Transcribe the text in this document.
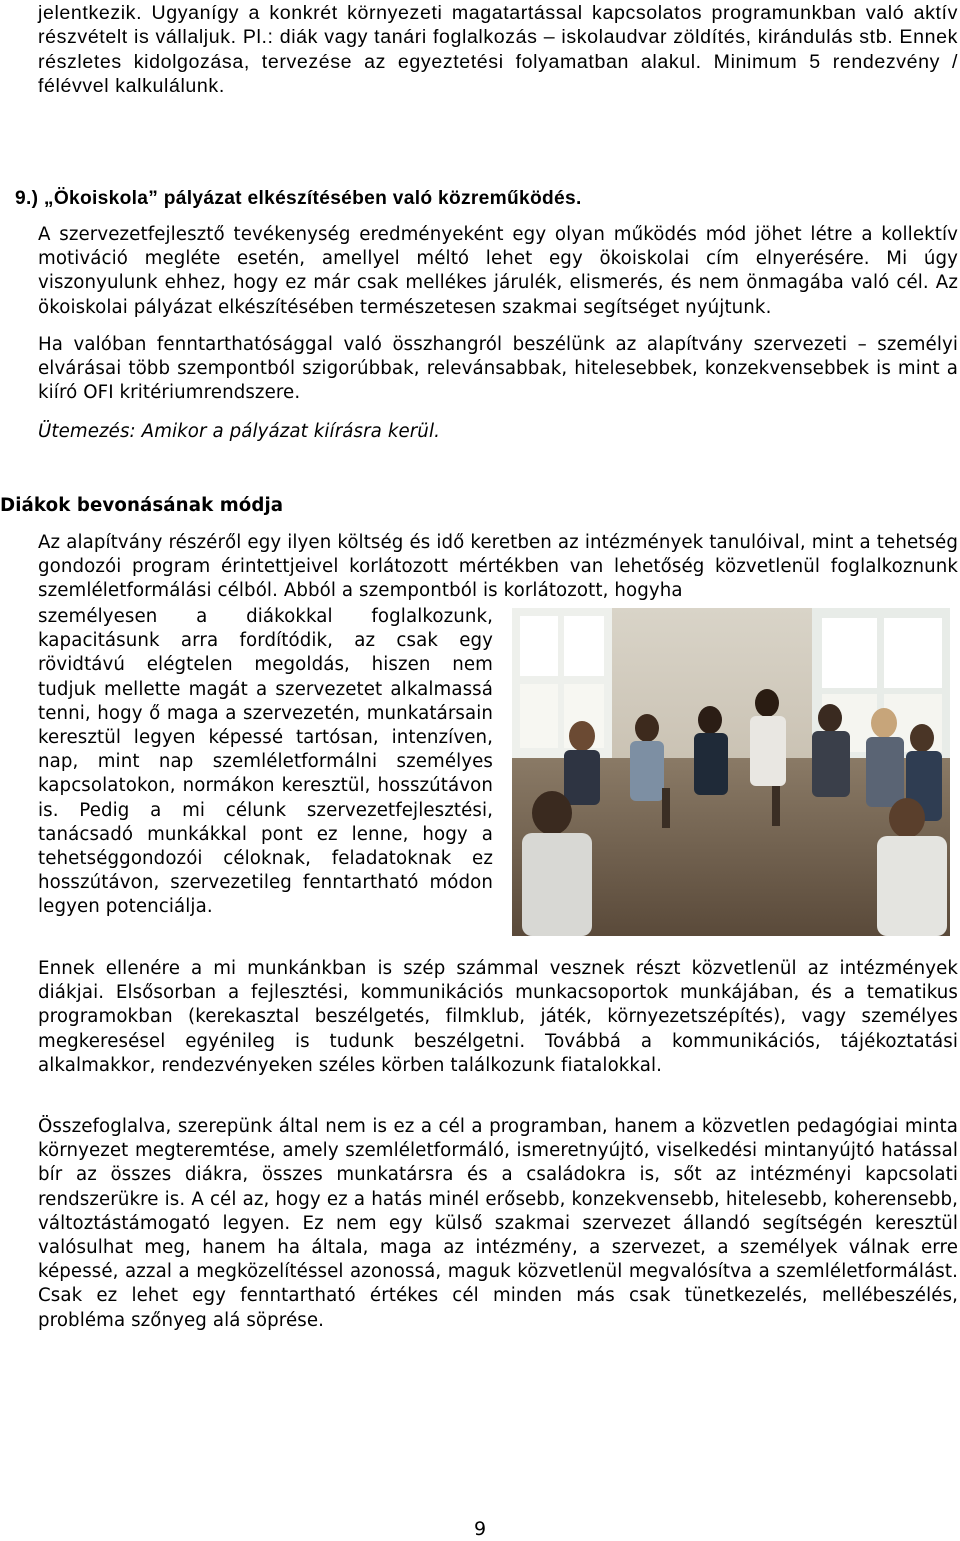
jelentkezik. Ugyanígy a konkrét környezeti magatartással kapcsolatos programunkban való aktív részvételt is vállaljuk. Pl.: diák vagy tanári foglalkozás – iskolaudvar zöldítés, kirándulás stb. Ennek részletes kidolgozása, tervezése az egyeztetési folyamatban alakul. Minimum 5 rendezvény / félévvel kalkulálunk.

9.) „Ökoiskola” pályázat elkészítésében való közreműködés.

A szervezetfejlesztő tevékenység eredményeként egy olyan működés mód jöhet létre a kollektív motiváció megléte esetén, amellyel méltó lehet egy ökoiskolai cím elnyerésére. Mi úgy viszonyulunk ehhez, hogy ez már csak mellékes járulék, elismerés, és nem önmagába való cél. Az ökoiskolai pályázat elkészítésében természetesen szakmai segítséget nyújtunk.

Ha valóban fenntarthatósággal való összhangról beszélünk az alapítvány szervezeti – személyi elvárásai több szempontból szigorúbbak, relevánsabbak, hitelesebbek, konzekvensebbek is mint a kiíró OFI kritériumrendszere.

Ütemezés: Amikor a pályázat kiírásra kerül.

Diákok bevonásának módja

Az alapítvány részéről egy ilyen költség és idő keretben az intézmények tanulóival, mint a tehetség gondozói program érintettjeivel korlátozott mértékben van lehetőség közvetlenül foglalkoznunk szemléletformálási célból. Abból a szempontból is korlátozott, hogyha

személyesen a diákokkal foglalkozunk, kapacitásunk arra fordítódik, az csak egy rövidtávú elégtelen megoldás, hiszen nem tudjuk mellette magát a szervezetet alkalmassá tenni, hogy ő maga a szervezetén, munkatársain keresztül legyen képessé tartósan, intenzíven, nap, mint nap szemléletformálni személyes kapcsolatokon, normákon keresztül, hosszútávon is. Pedig a mi célunk szervezetfejlesztési, tanácsadó munkákkal pont ez lenne, hogy a tehetséggondozói céloknak, feladatoknak ez hosszútávon, szervezetileg fenntartható módon legyen potenciálja.

Ennek ellenére a mi munkánkban is szép számmal vesznek részt közvetlenül az intézmények diákjai. Elsősorban a fejlesztési, kommunikációs munkacsoportok munkájában, és a tematikus programokban (kerekasztal beszélgetés, filmklub, játék, környezetszépítés), vagy személyes megkeresésel egyénileg is tudunk beszélgetni. Továbbá a kommunikációs, tájékoztatási alkalmakkor, rendezvényeken széles körben találkozunk fiatalokkal.

Összefoglalva, szerepünk által nem is ez a cél a programban, hanem a közvetlen pedagógiai minta környezet megteremtése, amely szemléletformáló, ismeretnyújtó, viselkedési mintanyújtó hatással bír az összes diákra, összes munkatársra és a családokra is, sőt az intézményi kapcsolati rendszerükre is. A cél az, hogy ez a hatás minél erősebb, konzekvensebb, hitelesebb, koherensebb, változtástámogató legyen. Ez nem egy külső szakmai szervezet állandó segítségén keresztül valósulhat meg, hanem ha általa, maga az intézmény, a szervezet, a személyek válnak erre képessé, azzal a megközelítéssel azonossá, maguk közvetlenül megvalósítva a szemléletformálást. Csak ez lehet egy fenntartható értékes cél minden más csak tünetkezelés, mellébeszélés, probléma szőnyeg alá söprése.

9
